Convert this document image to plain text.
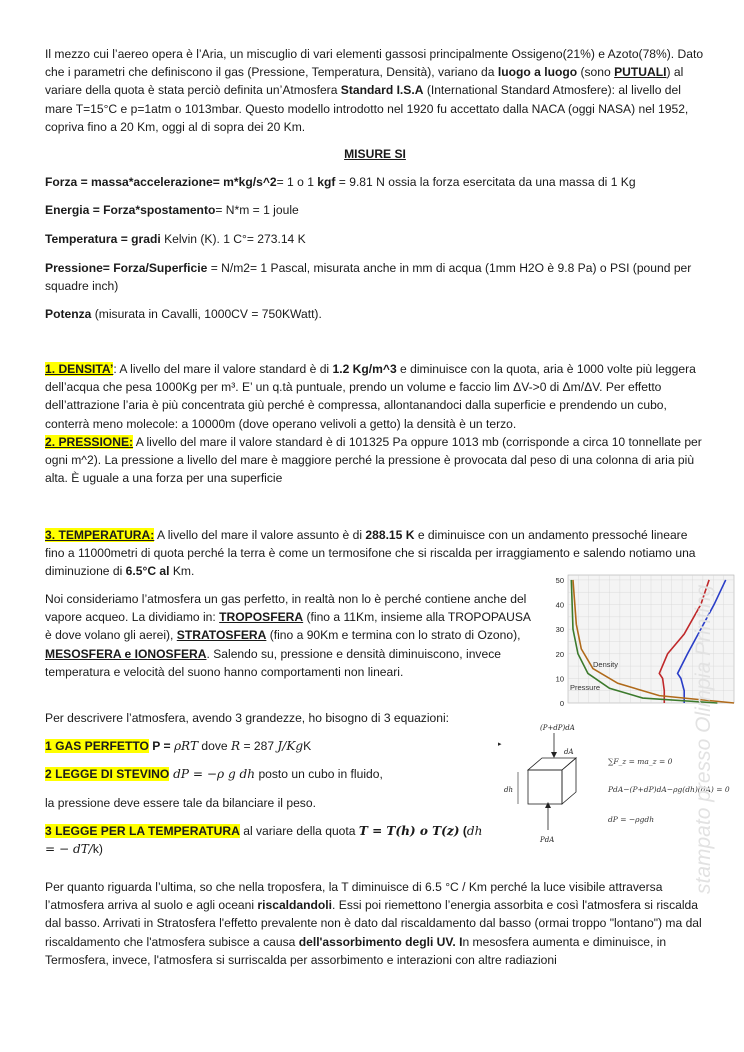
Il mezzo cui l’aereo opera è l’Aria, un miscuglio di vari elementi gassosi principalmente Ossigeno(21%) e Azoto(78%). Dato che i parametri che definiscono il gas (Pressione, Temperatura, Densità), variano da luogo a luogo (sono PUTUALI) al variare della quota è stata perciò definita un’Atmosfera Standard I.S.A (International Standard Atmosfere): al livello del mare T=15°C e p=1atm o 1013mbar. Questo modello introdotto nel 1920 fu accettato dalla NACA (oggi NASA) nel 1952, copriva fino a 20 Km, oggi al di sopra dei 20 Km.

MISURE SI

Forza = massa*accelerazione= m*kg/s^2= 1 o 1 kgf = 9.81 N ossia la forza esercitata da una massa di 1 Kg

Energia = Forza*spostamento= N*m = 1 joule

Temperatura = gradi Kelvin (K). 1 C°= 273.14 K

Pressione= Forza/Superficie = N/m2= 1 Pascal, misurata anche in mm di acqua (1mm H2O è 9.8 Pa) o PSI (pound per squadre inch)

Potenza (misurata in Cavalli, 1000CV = 750KWatt).

1. DENSITA’: A livello del mare il valore standard è di 1.2 Kg/m^3 e diminuisce con la quota, aria è 1000 volte più leggera dell’acqua che pesa 1000Kg per m³. E’ un q.tà puntuale, prendo un volume e faccio lim ΔV->0 di Δm/ΔV. Per effetto dell’attrazione l’aria è più concentrata giù perché è compressa, allontanandoci dalla superficie e prendendo un cubo, conterrà meno molecole: a 10000m (dove operano velivoli a getto) la densità è un terzo.

2. PRESSIONE: A livello del mare il valore standard è di 101325 Pa oppure 1013 mb (corrisponde a circa 10 tonnellate per ogni m^2). La pressione a livello del mare è maggiore perché la pressione è provocata dal peso di una colonna di aria più alta. È uguale a una forza per una superficie

3. TEMPERATURA: A livello del mare il valore assunto è di 288.15 K e diminuisce con un andamento pressoché lineare fino a 11000metri di quota perché la terra è come un termosifone che si riscalda per irraggiamento e salendo notiamo una diminuzione di 6.5°C al Km.

Noi consideriamo l’atmosfera un gas perfetto, in realtà non lo è perché contiene anche del vapore acqueo. La dividiamo in: TROPOSFERA (fino a 11Km, insieme alla TROPOPAUSA è dove volano gli aerei), STRATOSFERA (fino a 90Km e termina con lo strato di Ozono), MESOSFERA e IONOSFERA. Salendo su, pressione e densità diminuiscono, invece temperatura e velocità del suono hanno comportamenti non lineari.

Per descrivere l’atmosfera, avendo 3 grandezze, ho bisogno di 3 equazioni:

1 GAS PERFETTO P = ρRT dove R = 287 J/KgK

2 LEGGE DI STEVINO dP = −ρ g dh posto un cubo in fluido,

la pressione deve essere tale da bilanciare il peso.

3 LEGGE PER LA TEMPERATURA al variare della quota T = T(h) o T(z) (dh = − dT/k)

Per quanto riguarda l’ultima, so che nella troposfera, la T diminuisce di 6.5 °C / Km perché la luce visibile attraversa l’atmosfera arriva al suolo e agli oceani riscaldandoli. Essi poi riemettono l’energia assorbita e così l'atmosfera si riscalda dal basso. Arrivati in Stratosfera l'effetto prevalente non è dato dal riscaldamento dal basso (ormai troppo "lontano") ma dal riscaldamento che l'atmosfera subisce a causa dell'assorbimento degli UV. In mesosfera aumenta e diminuisce, in Termosfera, invece, l'atmosfera si surriscalda per assorbimento e interazioni con altre radiazioni

0
10
20
30
40
50
Density
Pressure
▸
(P+dP)dA
dA
dh
PdA
∑F_z = ma_z = 0
PdA−(P+dP)dA−ρg(dh)(dA) = 0
dP = −ρgdh stampato presso Olimpia Printing
